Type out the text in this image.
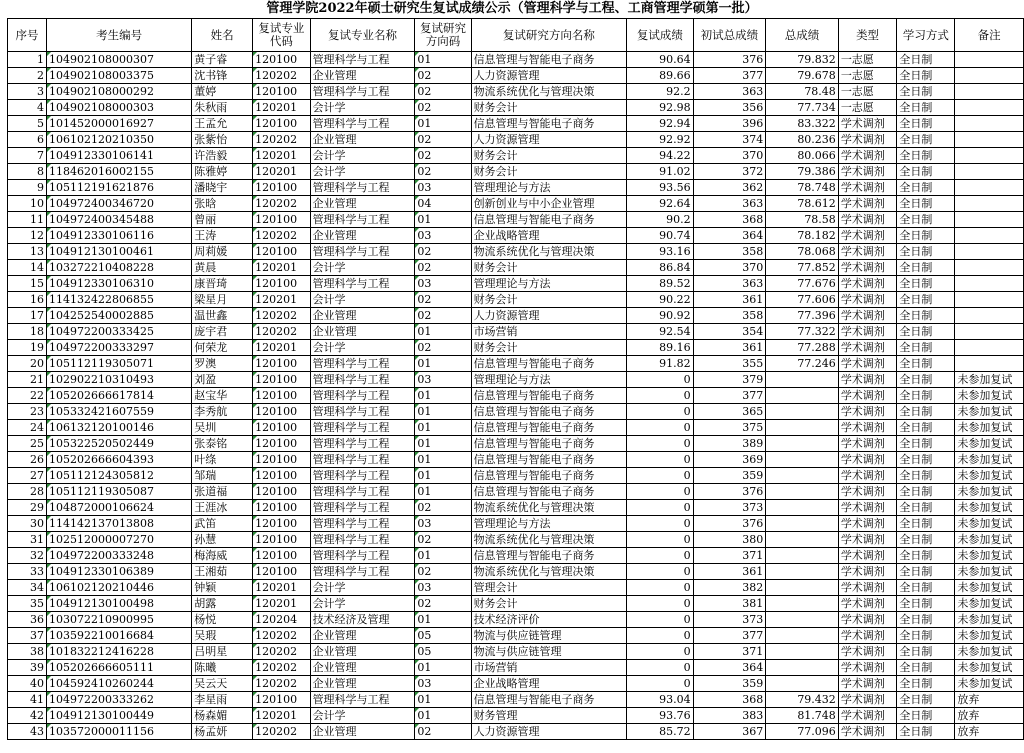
管理学院2022年硕士研究生复试成绩公示（管理科学与工程、工商管理学硕第一批）
序号	考生编号	姓名	复试专业代码	复试专业名称	复试研究方向码	复试研究方向名称	复试成绩	初试总成绩	总成绩	类型	学习方式	备注
1	104902108000307	黄子睿	120100	管理科学与工程	01	信息管理与智能电子商务	90.64	376	79.832	一志愿	全日制	
2	104902108003375	沈书锋	120202	企业管理	02	人力资源管理	89.66	377	79.678	一志愿	全日制	
3	104902108000292	董婷	120100	管理科学与工程	02	物流系统优化与管理决策	92.2	363	78.48	一志愿	全日制	
4	104902108000303	朱秋雨	120201	会计学	02	财务会计	92.98	356	77.734	一志愿	全日制	
5	101452000016927	王孟允	120100	管理科学与工程	01	信息管理与智能电子商务	92.94	396	83.322	学术调剂	全日制	
6	106102120210350	张紫怡	120202	企业管理	02	人力资源管理	92.92	374	80.236	学术调剂	全日制	
7	104912330106141	许浩毅	120201	会计学	02	财务会计	94.22	370	80.066	学术调剂	全日制	
8	118462016002155	陈雅婷	120201	会计学	02	财务会计	91.02	372	79.386	学术调剂	全日制	
9	105112191621876	潘晓宇	120100	管理科学与工程	03	管理理论与方法	93.56	362	78.748	学术调剂	全日制	
10	104972400346720	张晗	120202	企业管理	04	创新创业与中小企业管理	92.64	363	78.612	学术调剂	全日制	
11	104972400345488	曾丽	120100	管理科学与工程	01	信息管理与智能电子商务	90.2	368	78.58	学术调剂	全日制	
12	104912330106116	王涛	120202	企业管理	03	企业战略管理	90.74	364	78.182	学术调剂	全日制	
13	104912130100461	周莉媛	120100	管理科学与工程	02	物流系统优化与管理决策	93.16	358	78.068	学术调剂	全日制	
14	103272210408228	黄晨	120201	会计学	02	财务会计	86.84	370	77.852	学术调剂	全日制	
15	104912330106310	康晋琦	120100	管理科学与工程	03	管理理论与方法	89.52	363	77.676	学术调剂	全日制	
16	114132422806855	梁星月	120201	会计学	02	财务会计	90.22	361	77.606	学术调剂	全日制	
17	104252540002885	温世鑫	120202	企业管理	02	人力资源管理	90.92	358	77.396	学术调剂	全日制	
18	104972200333425	庞宇君	120202	企业管理	01	市场营销	92.54	354	77.322	学术调剂	全日制	
19	104972200333297	何荣龙	120201	会计学	02	财务会计	89.16	361	77.288	学术调剂	全日制	
20	105112119305071	罗澳	120100	管理科学与工程	01	信息管理与智能电子商务	91.82	355	77.246	学术调剂	全日制	
21	102902210310493	刘盈	120100	管理科学与工程	03	管理理论与方法	0	379		学术调剂	全日制	未参加复试
22	105202666617814	赵宝华	120100	管理科学与工程	01	信息管理与智能电子商务	0	377		学术调剂	全日制	未参加复试
23	105332421607559	李秀航	120100	管理科学与工程	01	信息管理与智能电子商务	0	365		学术调剂	全日制	未参加复试
24	106132120100146	吴圳	120100	管理科学与工程	01	信息管理与智能电子商务	0	375		学术调剂	全日制	未参加复试
25	105322520502449	张泰铭	120100	管理科学与工程	01	信息管理与智能电子商务	0	389		学术调剂	全日制	未参加复试
26	105202666604393	叶绦	120100	管理科学与工程	01	信息管理与智能电子商务	0	369		学术调剂	全日制	未参加复试
27	105112124305812	邹瑞	120100	管理科学与工程	01	信息管理与智能电子商务	0	359		学术调剂	全日制	未参加复试
28	105112119305087	张道福	120100	管理科学与工程	01	信息管理与智能电子商务	0	376		学术调剂	全日制	未参加复试
29	104872000106624	王涯冰	120100	管理科学与工程	02	物流系统优化与管理决策	0	373		学术调剂	全日制	未参加复试
30	114142137013808	武笛	120100	管理科学与工程	03	管理理论与方法	0	376		学术调剂	全日制	未参加复试
31	102512000007270	孙慧	120100	管理科学与工程	02	物流系统优化与管理决策	0	380		学术调剂	全日制	未参加复试
32	104972200333248	梅海威	120100	管理科学与工程	01	信息管理与智能电子商务	0	371		学术调剂	全日制	未参加复试
33	104912330106389	王湘茹	120100	管理科学与工程	02	物流系统优化与管理决策	0	361		学术调剂	全日制	未参加复试
34	106102120210446	钟颖	120201	会计学	03	管理会计	0	382		学术调剂	全日制	未参加复试
35	104912130100498	胡露	120201	会计学	02	财务会计	0	381		学术调剂	全日制	未参加复试
36	103072210900995	杨悦	120204	技术经济及管理	01	技术经济评价	0	373		学术调剂	全日制	未参加复试
37	103592210016684	吴瑕	120202	企业管理	05	物流与供应链管理	0	377		学术调剂	全日制	未参加复试
38	101832212416228	吕明星	120202	企业管理	05	物流与供应链管理	0	371		学术调剂	全日制	未参加复试
39	105202666605111	陈曦	120202	企业管理	01	市场营销	0	364		学术调剂	全日制	未参加复试
40	104592410260244	吴云天	120202	企业管理	03	企业战略管理	0	359		学术调剂	全日制	未参加复试
41	104972200333262	李星雨	120100	管理科学与工程	01	信息管理与智能电子商务	93.04	368	79.432	学术调剂	全日制	放弃
42	104912130100449	杨森媚	120201	会计学	01	财务管理	93.76	383	81.748	学术调剂	全日制	放弃
43	103572000011156	杨孟妍	120202	企业管理	02	人力资源管理	85.72	367	77.096	学术调剂	全日制	放弃
